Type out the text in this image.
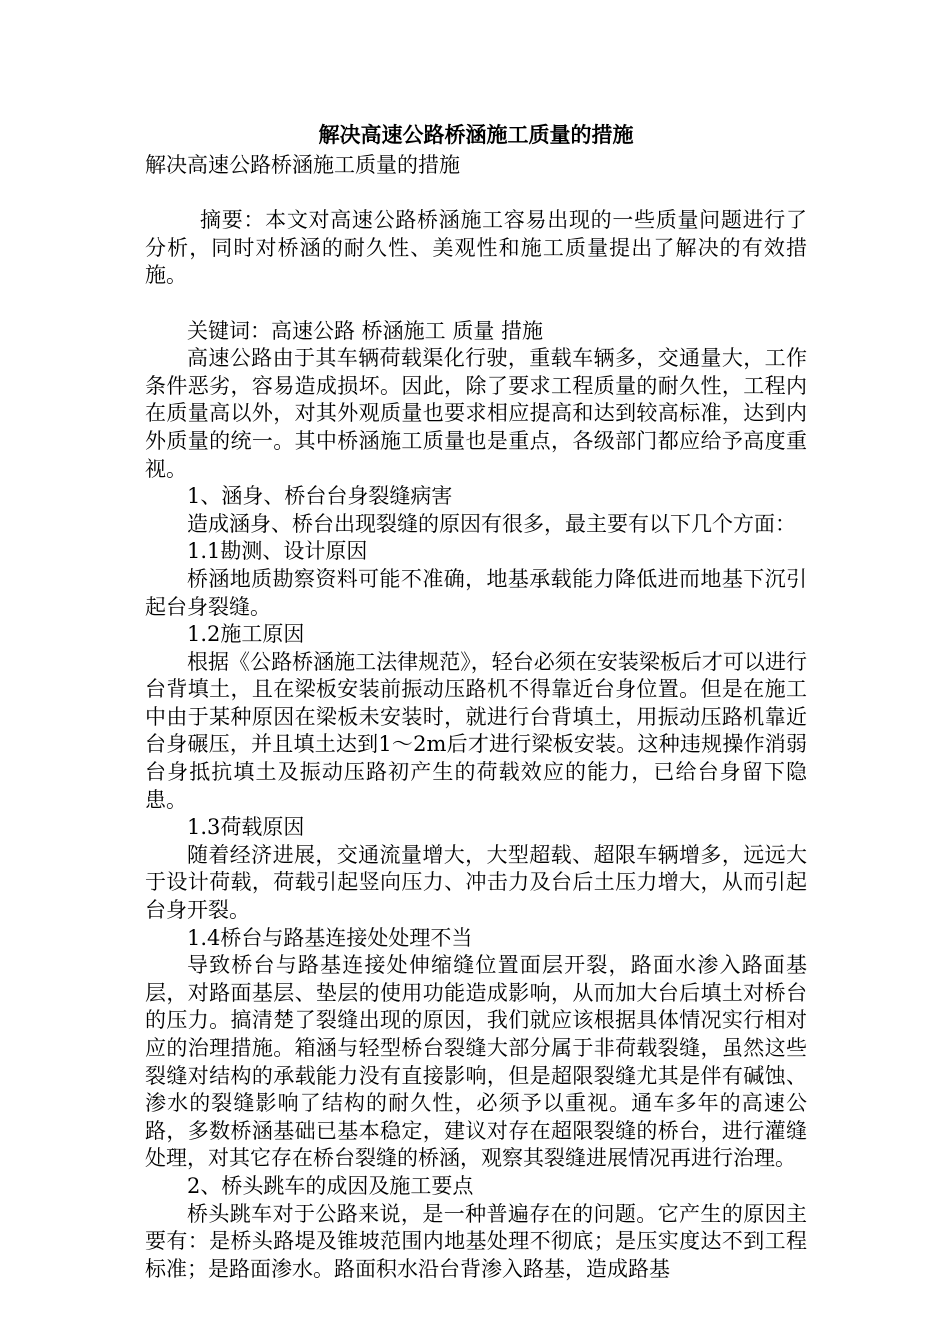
解决高速公路桥涵施工质量的措施

解决高速公路桥涵施工质量的措施

摘要：本文对高速公路桥涵施工容易出现的一些质量问题进行了分析，同时对桥涵的耐久性、美观性和施工质量提出了解决的有效措施。

关键词：高速公路 桥涵施工 质量 措施

高速公路由于其车辆荷载渠化行驶，重载车辆多，交通量大，工作条件恶劣，容易造成损坏。因此，除了要求工程质量的耐久性，工程内在质量高以外，对其外观质量也要求相应提高和达到较高标准，达到内外质量的统一。其中桥涵施工质量也是重点，各级部门都应给予高度重视。

1、涵身、桥台台身裂缝病害

造成涵身、桥台出现裂缝的原因有很多，最主要有以下几个方面：

1.1勘测、设计原因

桥涵地质勘察资料可能不准确，地基承载能力降低进而地基下沉引起台身裂缝。

1.2施工原因

根据《公路桥涵施工法律规范》，轻台必须在安装梁板后才可以进行台背填土，且在梁板安装前振动压路机不得靠近台身位置。但是在施工中由于某种原因在梁板未安装时，就进行台背填土，用振动压路机靠近台身碾压，并且填土达到1～2m后才进行梁板安装。这种违规操作消弱台身抵抗填土及振动压路初产生的荷载效应的能力，已给台身留下隐患。

1.3荷载原因

随着经济进展，交通流量增大，大型超载、超限车辆增多，远远大于设计荷载，荷载引起竖向压力、冲击力及台后土压力增大，从而引起台身开裂。

1.4桥台与路基连接处处理不当

导致桥台与路基连接处伸缩缝位置面层开裂，路面水渗入路面基层，对路面基层、垫层的使用功能造成影响，从而加大台后填土对桥台的压力。搞清楚了裂缝出现的原因，我们就应该根据具体情况实行相对应的治理措施。箱涵与轻型桥台裂缝大部分属于非荷载裂缝，虽然这些裂缝对结构的承载能力没有直接影响，但是超限裂缝尤其是伴有碱蚀、渗水的裂缝影响了结构的耐久性，必须予以重视。通车多年的高速公路，多数桥涵基础已基本稳定，建议对存在超限裂缝的桥台，进行灌缝处理，对其它存在桥台裂缝的桥涵，观察其裂缝进展情况再进行治理。

2、桥头跳车的成因及施工要点

桥头跳车对于公路来说，是一种普遍存在的问题。它产生的原因主要有：是桥头路堤及锥坡范围内地基处理不彻底；是压实度达不到工程标准；是路面渗水。路面积水沿台背渗入路基，造成路基
